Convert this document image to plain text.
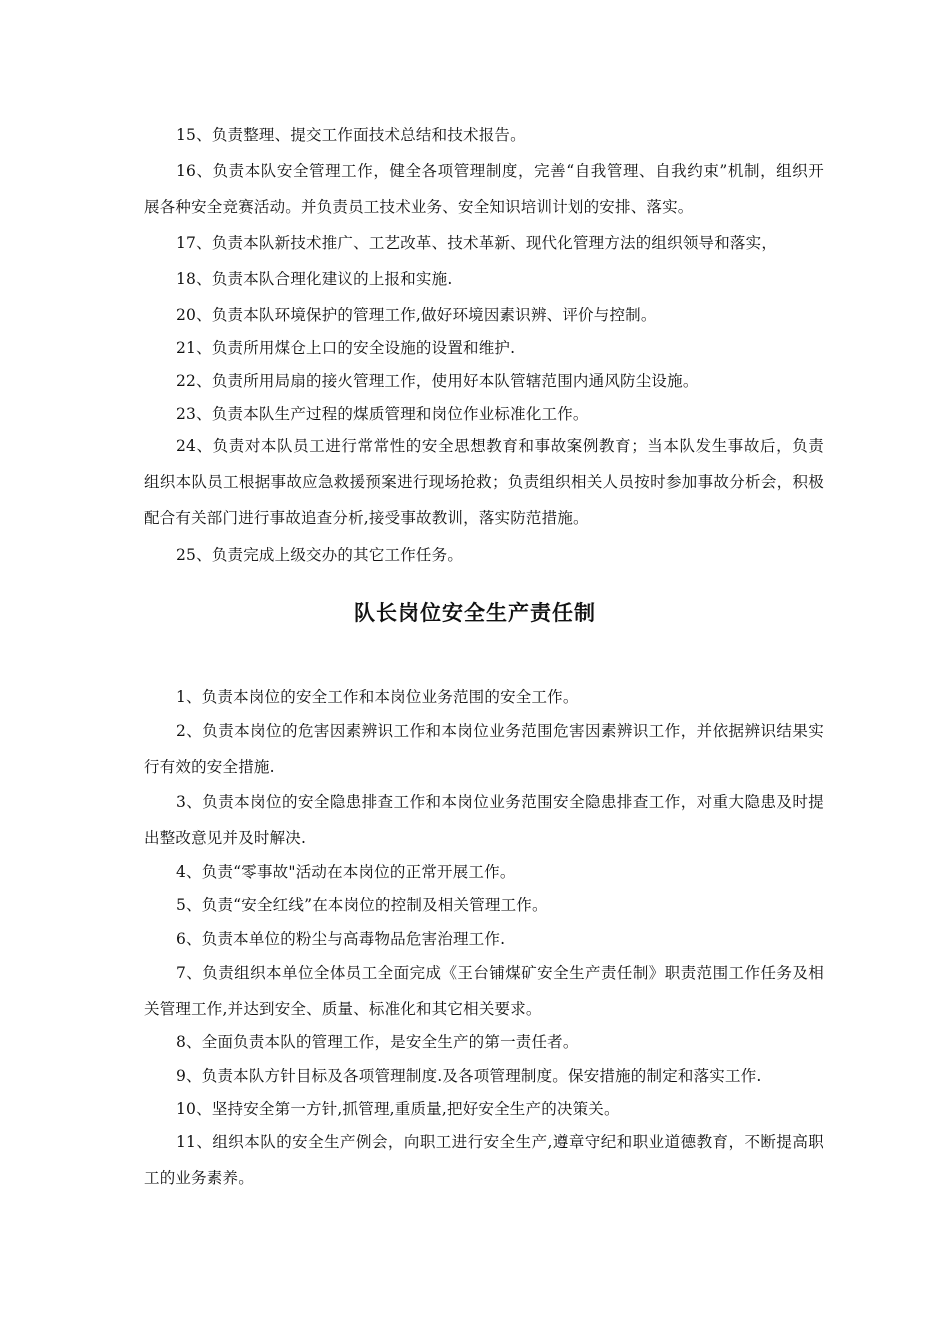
15、负责整理、提交工作面技术总结和技术报告。

16、负责本队安全管理工作，健全各项管理制度，完善“自我管理、自我约束”机制，组织开展各种安全竞赛活动。并负责员工技术业务、安全知识培训计划的安排、落实。

17、负责本队新技术推广、工艺改革、技术革新、现代化管理方法的组织领导和落实，

18、负责本队合理化建议的上报和实施.

20、负责本队环境保护的管理工作,做好环境因素识辨、评价与控制。

21、负责所用煤仓上口的安全设施的设置和维护.

22、负责所用局扇的接火管理工作，使用好本队管辖范围内通风防尘设施。

23、负责本队生产过程的煤质管理和岗位作业标准化工作。

24、负责对本队员工进行常常性的安全思想教育和事故案例教育；当本队发生事故后，负责组织本队员工根据事故应急救援预案进行现场抢救；负责组织相关人员按时参加事故分析会，积极配合有关部门进行事故追查分析,接受事故教训，落实防范措施。

25、负责完成上级交办的其它工作任务。

队长岗位安全生产责任制

1、负责本岗位的安全工作和本岗位业务范围的安全工作。

2、负责本岗位的危害因素辨识工作和本岗位业务范围危害因素辨识工作，并依据辨识结果实行有效的安全措施.

3、负责本岗位的安全隐患排查工作和本岗位业务范围安全隐患排查工作，对重大隐患及时提出整改意见并及时解决.

4、负责“零事故"活动在本岗位的正常开展工作。

5、负责“安全红线”在本岗位的控制及相关管理工作。

6、负责本单位的粉尘与高毒物品危害治理工作.

7、负责组织本单位全体员工全面完成《王台铺煤矿安全生产责任制》职责范围工作任务及相关管理工作,并达到安全、质量、标准化和其它相关要求。

8、全面负责本队的管理工作，是安全生产的第一责任者。

9、负责本队方针目标及各项管理制度.及各项管理制度。保安措施的制定和落实工作.

10、坚持安全第一方针,抓管理,重质量,把好安全生产的决策关。

11、组织本队的安全生产例会，向职工进行安全生产,遵章守纪和职业道德教育，不断提高职工的业务素养。
